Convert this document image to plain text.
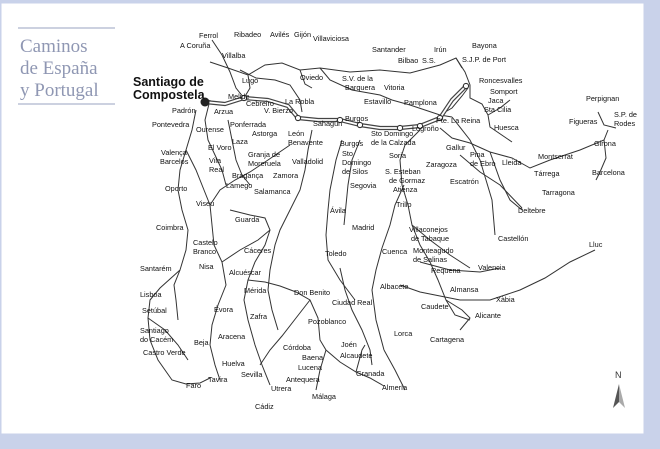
Caminos
de España
y Portugal	Santiago de
Compostela
Ferrol
A Coruña
Villalba
Ribadeo Avilés Gijón Villaviciosa
Santander
Bilbao S.S.
Irún	Bayona
S.J.P. de Port
Roncesvalles
Somport
Jaca
Sta Cilia
Huesca
Perpignan
Figueras
S.P. de
Rodes
Girona
Montserrat
Barcelona
Lugo	Oviedo	S.V. de la
Barquera Vitoria
Estavillo Pamplona
Pte. La Reina
Logroño
Padrón
Melide
Arzua
Cebreiro
V. Bierzo
La Robla
Sahagún
Burgos
Sto Domingo
de la Calzada
Ponferrada
Astorga León
Benavente
Pontevedra
Ourense
Laza
El Voro
Valladolid
Burgos
Sto
Domingo
de Silos
Soria
Gallur
Zaragoza
Pina
de Ebro Lleida
Tárrega
Tarragona
Escatrón
Deltebre
Castellón
Valença
Barcelos	Vila
Real
Granja de
Moreruela
Bragança Zamora
Lamego
Salamanca
Oporto
Viseu
Guarda
S. Esteban
de Gormaz
Atienza
Segovia
Trillo
Ávila
Madrid
Coimbra
Castelo
Branco
Nisa
Cáceres
Alcuéscar
Villaconejos
de Tabaque
Monteagudo
de Salinas
Cuenca
Requena Valencia
Toledo
Lluc
Santarém
Lisboa
Setúbal
Mérida	Don Benito
Albacete	Almansa
Xàbia
Ciudad Real	Caudete
Alicante
Évora
Zafra
Pozoblanco
Santiago
do Cacém	Aracena	Cartagena
Lorca
Beja
Castro Verde
Córdoba	Joén
Baena Alcaudete
Lucena
Huelva
Sevilla
Antequera
Granada
Faro
Tavira
Utrera	Almería
Málaga
Cádiz
N
